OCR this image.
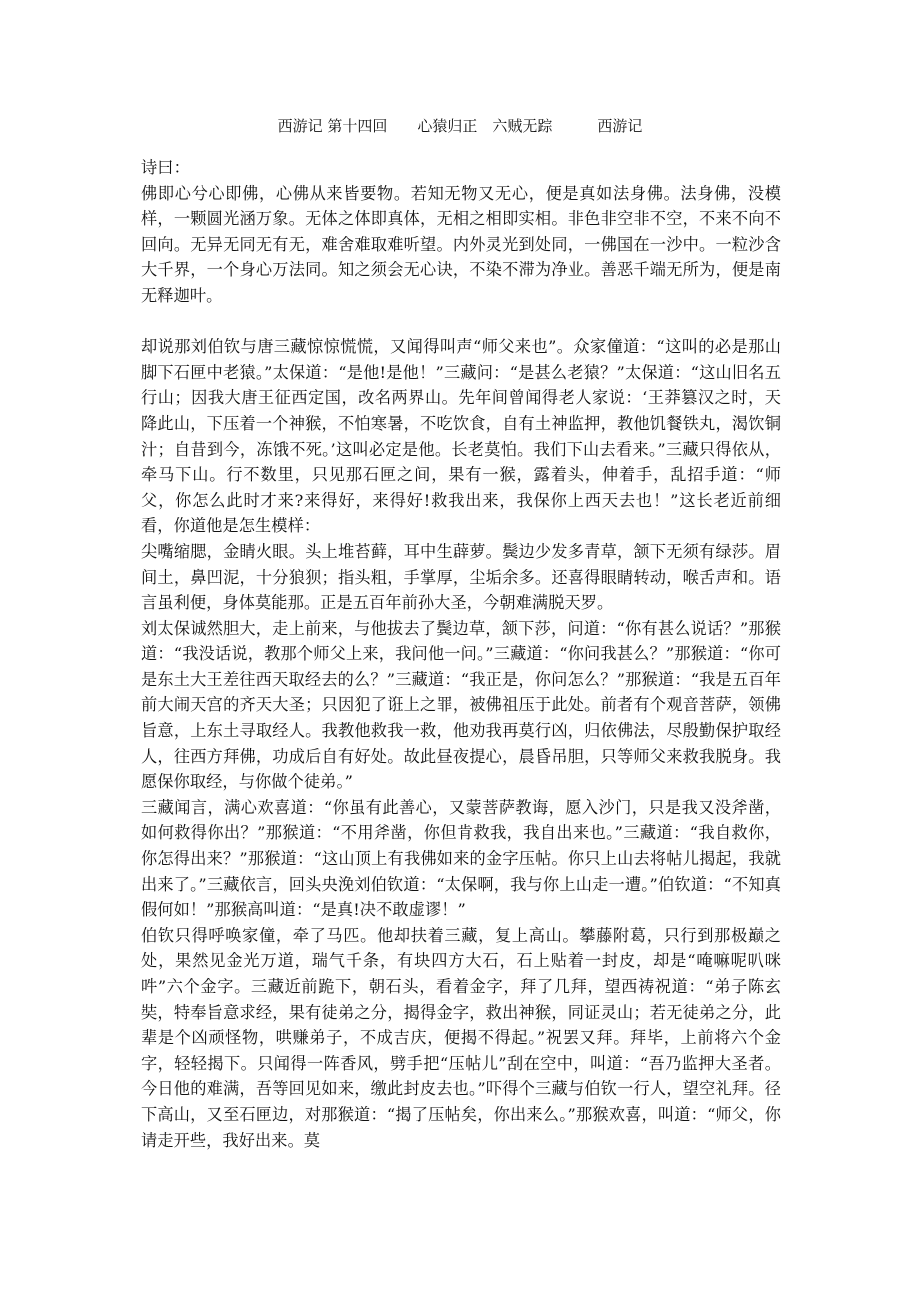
西游记 第十四回　　心猿归正　六贼无踪　　　西游记

诗曰：

佛即心兮心即佛，心佛从来皆要物。若知无物又无心，便是真如法身佛。法身佛，没模样，一颗圆光涵万象。无体之体即真体，无相之相即实相。非色非空非不空，不来不向不回向。无异无同无有无，难舍难取难听望。内外灵光到处同，一佛国在一沙中。一粒沙含大千界，一个身心万法同。知之须会无心诀，不染不滞为净业。善恶千端无所为，便是南无释迦叶。

却说那刘伯钦与唐三藏惊惊慌慌，又闻得叫声“师父来也”。众家僮道：“这叫的必是那山脚下石匣中老猿。”太保道：“是他!是他！”三藏问：“是甚么老猿？”太保道：“这山旧名五行山；因我大唐王征西定国，改名两界山。先年间曾闻得老人家说：‘王莽篡汉之时，天降此山，下压着一个神猴，不怕寒暑，不吃饮食，自有土神监押，教他饥餐铁丸，渴饮铜汁；自昔到今，冻饿不死。’这叫必定是他。长老莫怕。我们下山去看来。”三藏只得依从，牵马下山。行不数里，只见那石匣之间，果有一猴，露着头，伸着手，乱招手道：“师父，你怎么此时才来?来得好，来得好!救我出来，我保你上西天去也！”这长老近前细看，你道他是怎生模样：

尖嘴缩腮，金睛火眼。头上堆苔藓，耳中生薜萝。鬓边少发多青草，颔下无须有绿莎。眉间土，鼻凹泥，十分狼狈；指头粗，手掌厚，尘垢余多。还喜得眼睛转动，喉舌声和。语言虽利便，身体莫能那。正是五百年前孙大圣，今朝难满脱天罗。

刘太保诚然胆大，走上前来，与他拔去了鬓边草，颔下莎，问道：“你有甚么说话？”那猴道：“我没话说，教那个师父上来，我问他一问。”三藏道：“你问我甚么？”那猴道：“你可是东土大王差往西天取经去的么？”三藏道：“我正是，你问怎么？”那猴道：“我是五百年前大闹天宫的齐天大圣；只因犯了诳上之罪，被佛祖压于此处。前者有个观音菩萨，领佛旨意，上东土寻取经人。我教他救我一救，他劝我再莫行凶，归依佛法，尽殷勤保护取经人，往西方拜佛，功成后自有好处。故此昼夜提心，晨昏吊胆，只等师父来救我脱身。我愿保你取经，与你做个徒弟。”

三藏闻言，满心欢喜道：“你虽有此善心，又蒙菩萨教诲，愿入沙门，只是我又没斧凿，如何救得你出？”那猴道：“不用斧凿，你但肯救我，我自出来也。”三藏道：“我自救你，你怎得出来？”那猴道：“这山顶上有我佛如来的金字压帖。你只上山去将帖儿揭起，我就出来了。”三藏依言，回头央浼刘伯钦道：“太保啊，我与你上山走一遭。”伯钦道：“不知真假何如！”那猴高叫道：“是真!决不敢虚谬！”

伯钦只得呼唤家僮，牵了马匹。他却扶着三藏，复上高山。攀藤附葛，只行到那极巅之处，果然见金光万道，瑞气千条，有块四方大石，石上贴着一封皮，却是“唵嘛呢叭咪吽”六个金字。三藏近前跪下，朝石头，看着金字，拜了几拜，望西祷祝道：“弟子陈玄奘，特奉旨意求经，果有徒弟之分，揭得金字，救出神猴，同证灵山；若无徒弟之分，此辈是个凶顽怪物，哄赚弟子，不成吉庆，便揭不得起。”祝罢又拜。拜毕，上前将六个金字，轻轻揭下。只闻得一阵香风，劈手把“压帖儿”刮在空中，叫道：“吾乃监押大圣者。今日他的难满，吾等回见如来，缴此封皮去也。”吓得个三藏与伯钦一行人，望空礼拜。径下高山，又至石匣边，对那猴道：“揭了压帖矣，你出来么。”那猴欢喜，叫道：“师父，你请走开些，我好出来。莫
